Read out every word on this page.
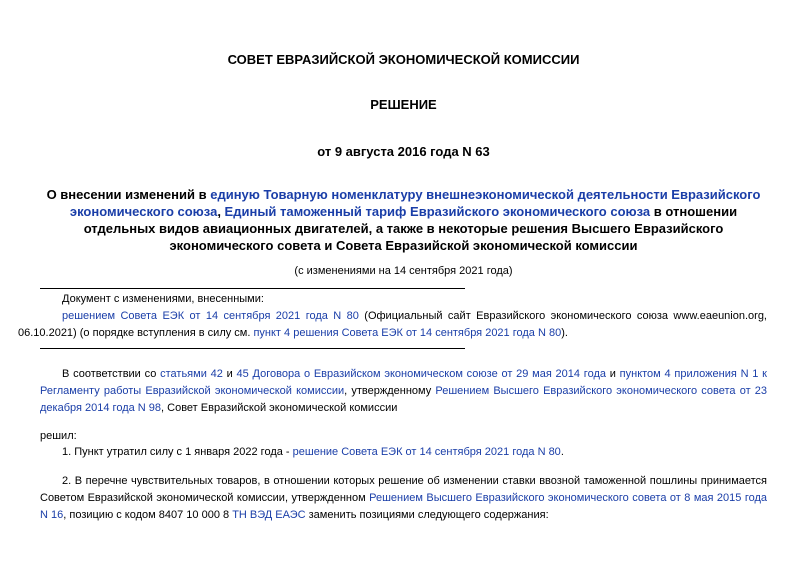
СОВЕТ ЕВРАЗИЙСКОЙ ЭКОНОМИЧЕСКОЙ КОМИССИИ
РЕШЕНИЕ
от 9 августа 2016 года N 63
О внесении изменений в единую Товарную номенклатуру внешнеэкономической деятельности Евразийского экономического союза, Единый таможенный тариф Евразийского экономического союза в отношении отдельных видов авиационных двигателей, а также в некоторые решения Высшего Евразийского экономического совета и Совета Евразийской экономической комиссии
(с изменениями на 14 сентября 2021 года)
Документ с изменениями, внесенными:
решением Совета ЕЭК от 14 сентября 2021 года N 80 (Официальный сайт Евразийского экономического союза www.eaeunion.org, 06.10.2021) (о порядке вступления в силу см. пункт 4 решения Совета ЕЭК от 14 сентября 2021 года N 80).
В соответствии со статьями 42 и 45 Договора о Евразийском экономическом союзе от 29 мая 2014 года и пунктом 4 приложения N 1 к Регламенту работы Евразийской экономической комиссии, утвержденному Решением Высшего Евразийского экономического совета от 23 декабря 2014 года N 98, Совет Евразийской экономической комиссии
решил:
1. Пункт утратил силу с 1 января 2022 года - решение Совета ЕЭК от 14 сентября 2021 года N 80.
2. В перечне чувствительных товаров, в отношении которых решение об изменении ставки ввозной таможенной пошлины принимается Советом Евразийской экономической комиссии, утвержденном Решением Высшего Евразийского экономического совета от 8 мая 2015 года N 16, позицию с кодом 8407 10 000 8 ТН ВЭД ЕАЭС заменить позициями следующего содержания:
